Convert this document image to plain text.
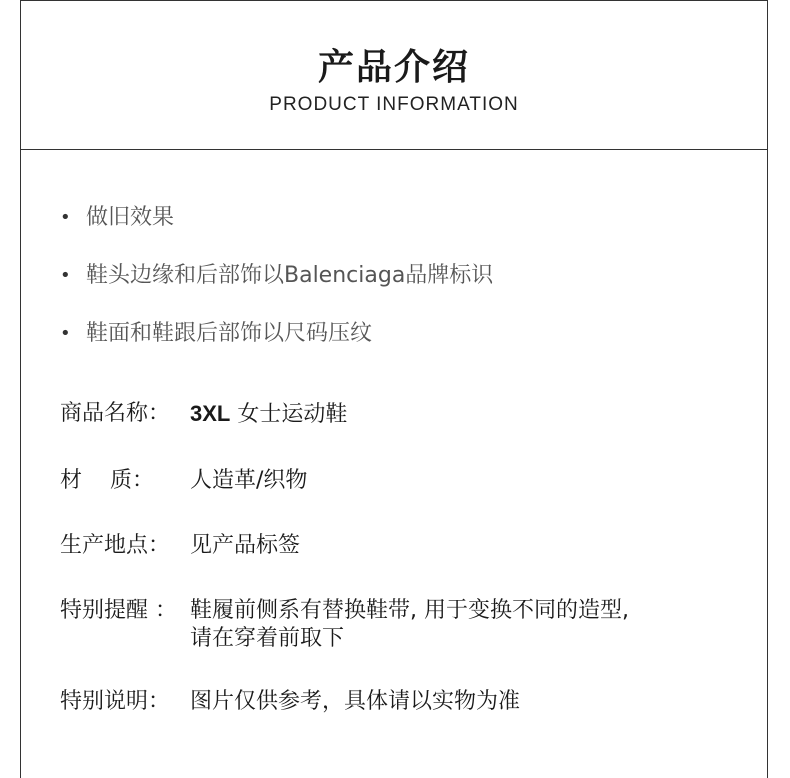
产品介绍
PRODUCT INFORMATION
• 做旧效果
• 鞋头边缘和后部饰以Balenciaga品牌标识
• 鞋面和鞋跟后部饰以尺码压纹
商品名称： 3XL 女士运动鞋
材    质：	人造革/织物
生产地点： 见产品标签
特别提醒 ： 鞋履前侧系有替换鞋带, 用于变换不同的造型,
请在穿着前取下
特别说明： 图片仅供参考，具体请以实物为准
